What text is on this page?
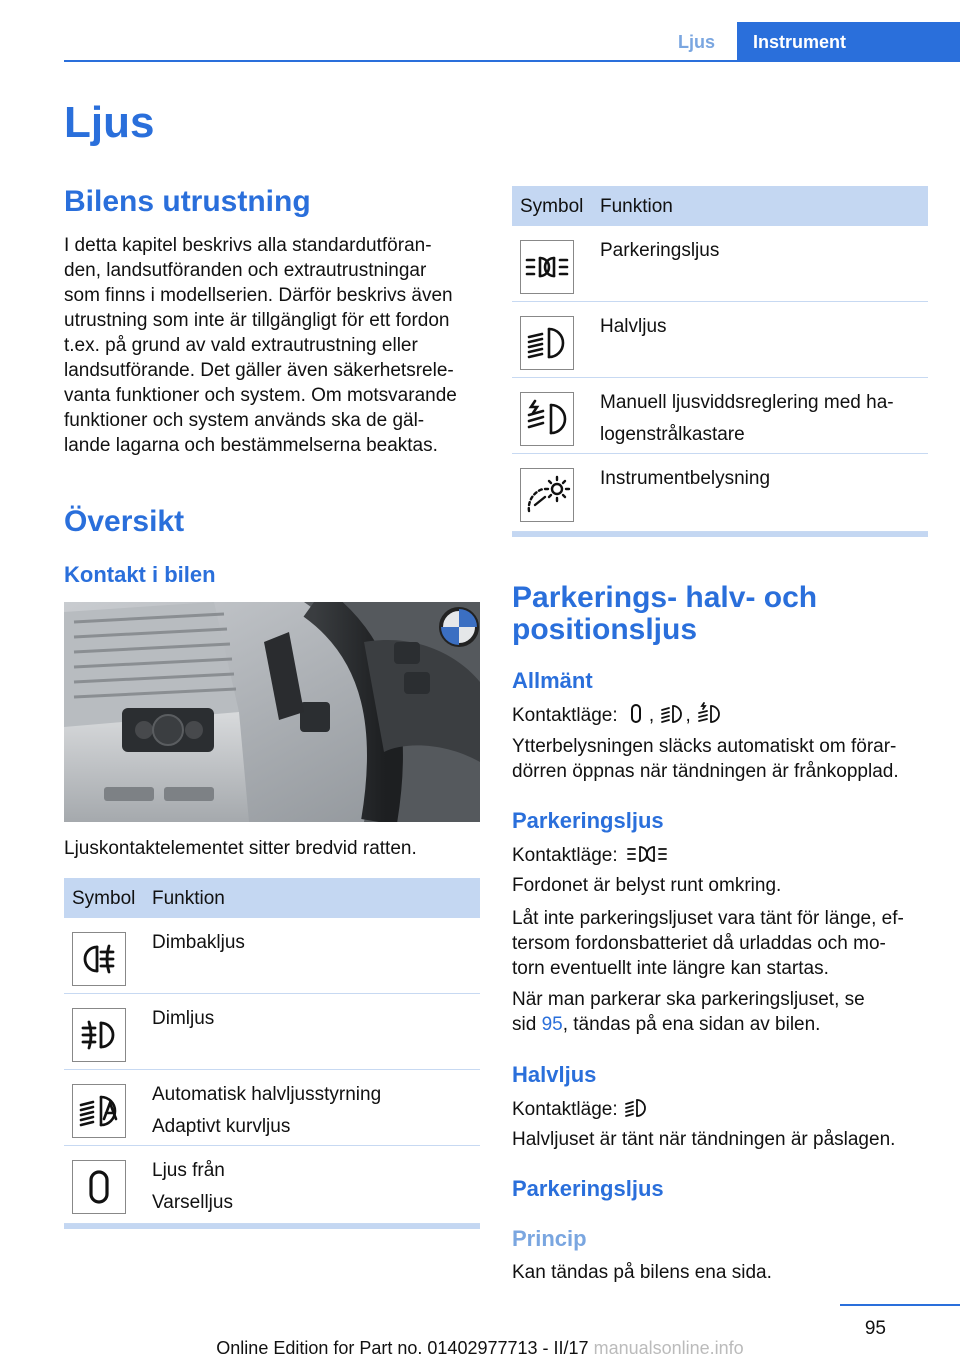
Ljus	Instrument
Ljus
Bilens utrustning
I detta kapitel beskrivs alla standardutföran-
den, landsutföranden och extrautrustningar
som finns i modellserien. Därför beskrivs även
utrustning som inte är tillgängligt för ett fordon
t.ex. på grund av vald extrautrustning eller
landsutförande. Det gäller även säkerhetsrele-
vanta funktioner och system. Om motsvarande
funktioner och system används ska de gäl-
lande lagarna och bestämmelserna beaktas.
Översikt
Kontakt i bilen
Ljuskontaktelementet sitter bredvid ratten.
Symbol Funktion
Dimbakljus
Dimljus
Automatisk halvljusstyrning
Adaptivt kurvljus
Ljus från
Varselljus
Symbol Funktion
Parkeringsljus
Halvljus
Manuell ljusviddsreglering med ha-
logenstrålkastare
Instrumentbelysning
Parkerings- halv- och
positionsljus
Allmänt
Kontaktläge: , ,
Ytterbelysningen släcks automatiskt om förar-
dörren öppnas när tändningen är frånkopplad.
Parkeringsljus
Kontaktläge:
Fordonet är belyst runt omkring.
Låt inte parkeringsljuset vara tänt för länge, ef-
tersom fordonsbatteriet då urladdas och mo-
torn eventuellt inte längre kan startas.
När man parkerar ska parkeringsljuset, se
sid 95, tändas på ena sidan av bilen.
Halvljus
Kontaktläge:
Halvljuset är tänt när tändningen är påslagen.
Parkeringsljus
Princip
Kan tändas på bilens ena sida.
95
Online Edition for Part no. 01402977713 - II/17 manualsonline.info
